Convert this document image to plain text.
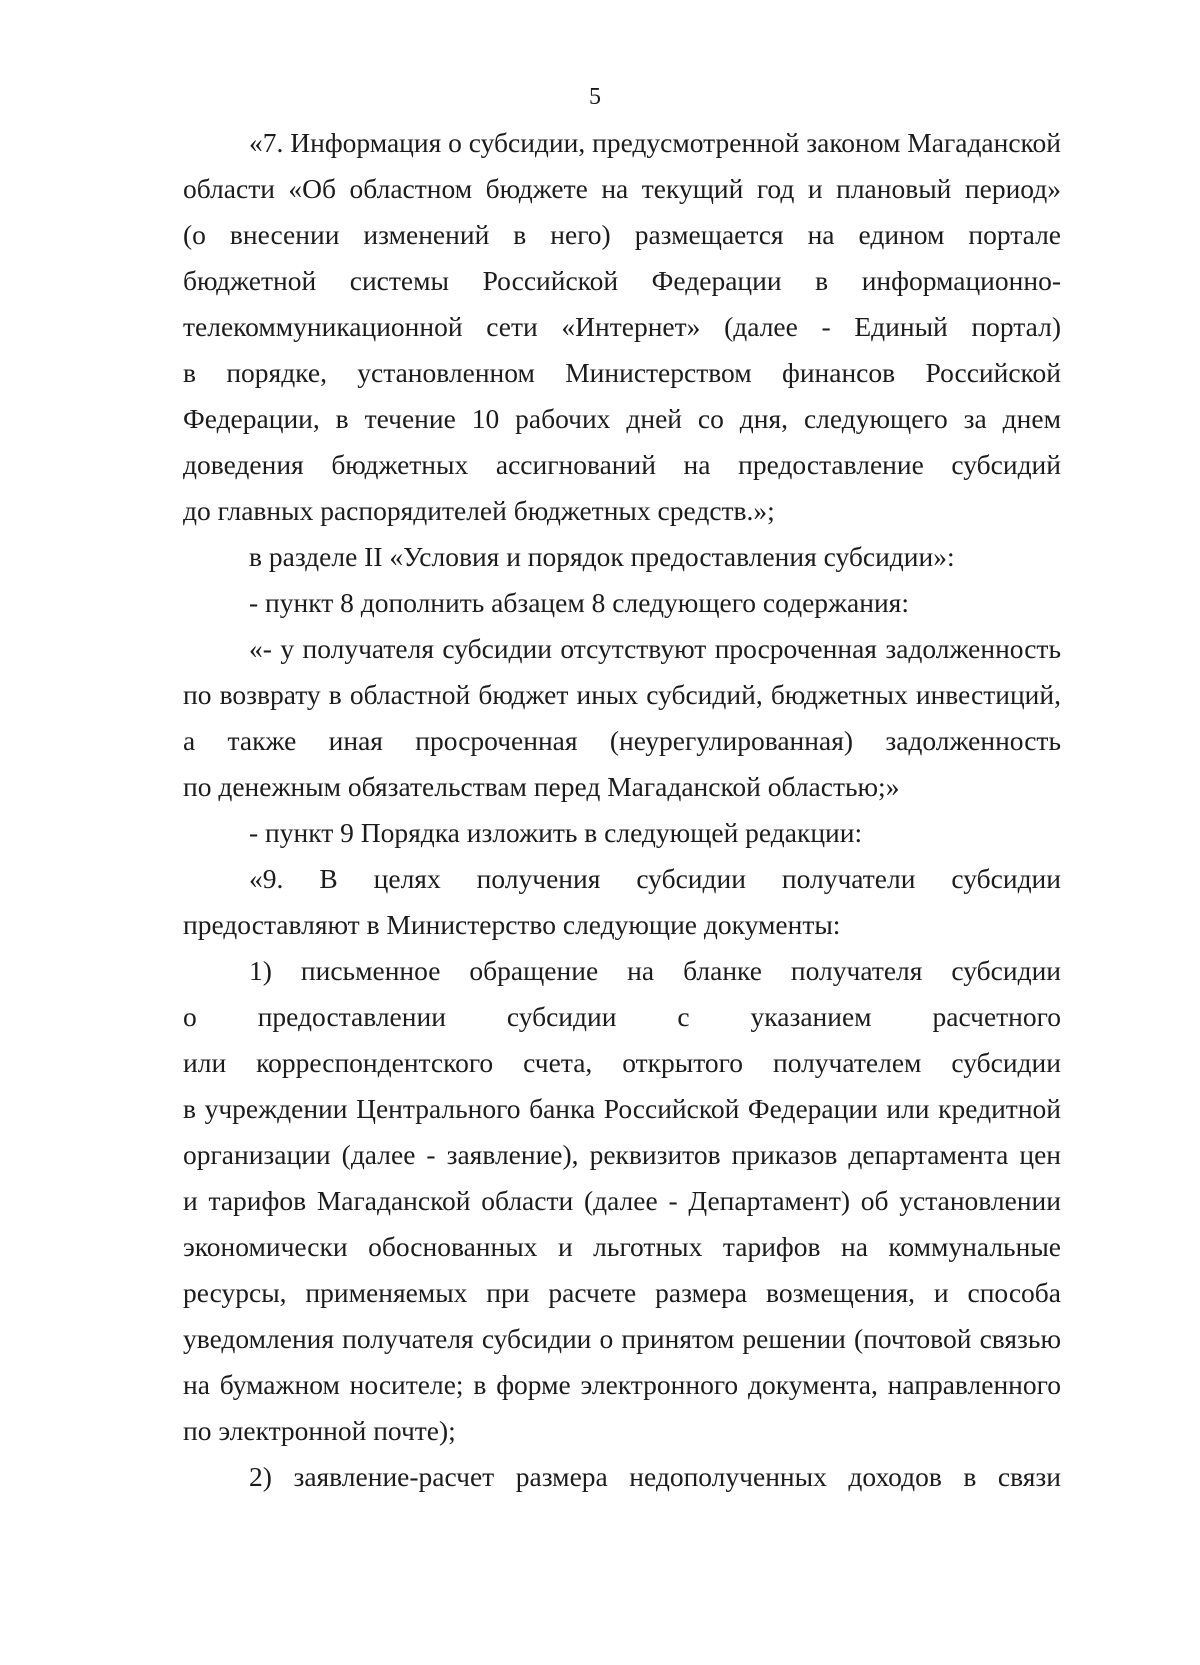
5
«7. Информация о субсидии, предусмотренной законом Магаданской
области «Об областном бюджете на текущий год и плановый период»
(о внесении изменений в него) размещается на едином портале
бюджетной системы Российской Федерации в информационно-
телекоммуникационной сети «Интернет» (далее - Единый портал)
в порядке, установленном Министерством финансов Российской
Федерации, в течение 10 рабочих дней со дня, следующего за днем
доведения бюджетных ассигнований на предоставление субсидий
до главных распорядителей бюджетных средств.»;
в разделе II «Условия и порядок предоставления субсидии»:
- пункт 8 дополнить абзацем 8 следующего содержания:
«- у получателя субсидии отсутствуют просроченная задолженность
по возврату в областной бюджет иных субсидий, бюджетных инвестиций,
а также иная просроченная (неурегулированная) задолженность
по денежным обязательствам перед Магаданской областью;»
- пункт 9 Порядка изложить в следующей редакции:
«9. В целях получения субсидии получатели субсидии
предоставляют в Министерство следующие документы:
1) письменное обращение на бланке получателя субсидии
о предоставлении субсидии с указанием расчетного
или корреспондентского счета, открытого получателем субсидии
в учреждении Центрального банка Российской Федерации или кредитной
организации (далее - заявление), реквизитов приказов департамента цен
и тарифов Магаданской области (далее - Департамент) об установлении
экономически обоснованных и льготных тарифов на коммунальные
ресурсы, применяемых при расчете размера возмещения, и способа
уведомления получателя субсидии о принятом решении (почтовой связью
на бумажном носителе; в форме электронного документа, направленного
по электронной почте);
2) заявление-расчет размера недополученных доходов в связи
